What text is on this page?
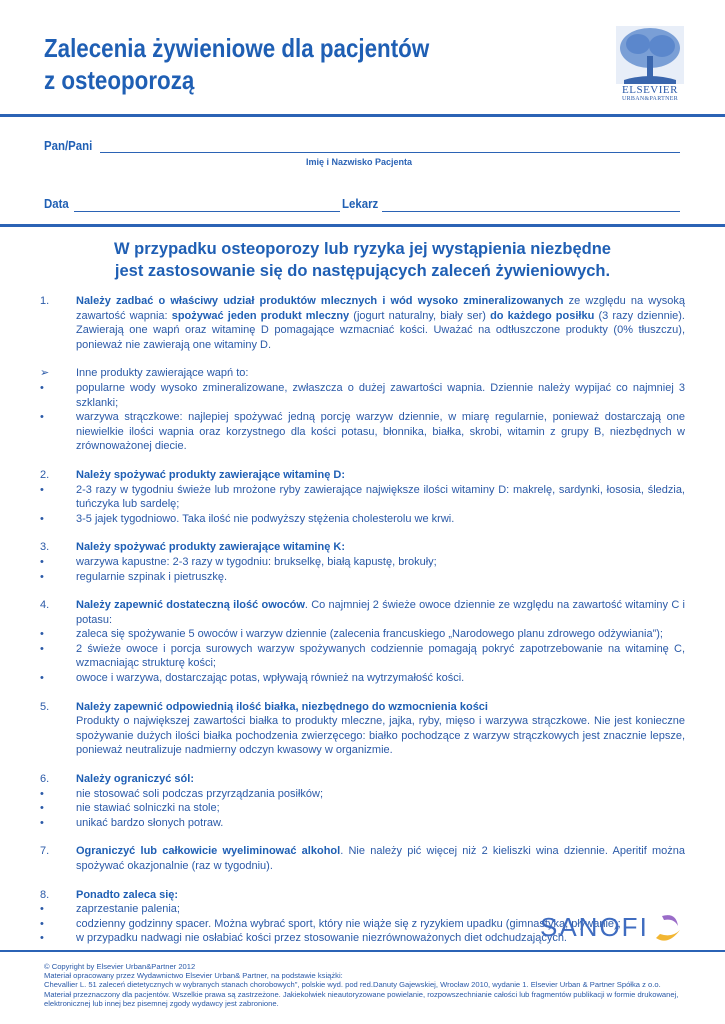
Zalecenia żywieniowe dla pacjentów
z osteoporozą	ELSEVIER
URBAN&PARTNER
Pan/Pani
Imię i Nazwisko Pacjenta
Data	Lekarz
W przypadku osteoporozy lub ryzyka jej wystąpienia niezbędne
jest zastosowanie się do następujących zaleceń żywieniowych.
1.	Należy zadbać o właściwy udział produktów mlecznych i wód wysoko zmineralizowanych ze względu na wysoką zawartość wapnia: spożywać jeden produkt mleczny (jogurt naturalny, biały ser) do każdego posiłku (3 razy dziennie). Zawierają one wapń oraz witaminę D pomagające wzmacniać kości. Uważać na odtłuszczone produkty (0% tłuszczu), ponieważ nie zawierają one witaminy D.
➢	Inne produkty zawierające wapń to:
•	popularne wody wysoko zmineralizowane, zwłaszcza o dużej zawartości wapnia. Dziennie należy wypijać co najmniej 3 szklanki;
•	warzywa strączkowe: najlepiej spożywać jedną porcję warzyw dziennie, w miarę regularnie, ponieważ dostarczają one niewielkie ilości wapnia oraz korzystnego dla kości potasu, błonnika, białka, skrobi, witamin z grupy B, niezbędnych w zrównoważonej diecie.
2.	Należy spożywać produkty zawierające witaminę D:
•	2-3 razy w tygodniu świeże lub mrożone ryby zawierające największe ilości witaminy D: makrelę, sardynki, łososia, śledzia, tuńczyka lub sardelę;
•	3-5 jajek tygodniowo. Taka ilość nie podwyższy stężenia cholesterolu we krwi.
3.	Należy spożywać produkty zawierające witaminę K:
•	warzywa kapustne: 2-3 razy w tygodniu: brukselkę, białą kapustę, brokuły;
•	regularnie szpinak i pietruszkę.
4.	Należy zapewnić dostateczną ilość owoców. Co najmniej 2 świeże owoce dziennie ze względu na zawartość witaminy C i potasu:
•	zaleca się spożywanie 5 owoców i warzyw dziennie (zalecenia francuskiego „Narodowego planu zdrowego odżywiania”);
•	2 świeże owoce i porcja surowych warzyw spożywanych codziennie pomagają pokryć zapotrzebowanie na witaminę C, wzmacniając strukturę kości;
•	owoce i warzywa, dostarczając potas, wpływają również na wytrzymałość kości.
5.	Należy zapewnić odpowiednią ilość białka, niezbędnego do wzmocnienia kości
Produkty o największej zawartości białka to produkty mleczne, jajka, ryby, mięso i warzywa strączkowe. Nie jest konieczne spożywanie dużych ilości białka pochodzenia zwierzęcego: białko pochodzące z warzyw strączkowych jest znacznie lepsze, ponieważ neutralizuje nadmierny odczyn kwasowy w organizmie.
6.	Należy ograniczyć sól:
•	nie stosować soli podczas przyrządzania posiłków;
•	nie stawiać solniczki na stole;
•	unikać bardzo słonych potraw.
7.	Ograniczyć lub całkowicie wyeliminować alkohol. Nie należy pić więcej niż 2 kieliszki wina dziennie. Aperitif można spożywać okazjonalnie (raz w tygodniu).
8.	Ponadto zaleca się:
•	zaprzestanie palenia;
•	codzienny godzinny spacer. Można wybrać sport, który nie wiąże się z ryzykiem upadku (gimnastyka, pływanie);
•	w przypadku nadwagi nie osłabiać kości przez stosowanie niezrównoważonych diet odchudzających.
SANOFI
© Copyright by Elsevier Urban&Partner 2012
Materiał opracowany przez Wydawnictwo Elsevier Urban& Partner, na podstawie książki:
Chevallier L. 51 zaleceń dietetycznych w wybranych stanach chorobowych", polskie wyd. pod red.Danuty Gajewskiej, Wrocław 2010, wydanie 1. Elsevier Urban & Partner Spółka z o.o.
Materiał przeznaczony dla pacjentów. Wszelkie prawa są zastrzeżone. Jakiekolwiek nieautoryzowane powielanie, rozpowszechnianie całości lub fragmentów publikacji w formie drukowanej,
elektronicznej lub innej bez pisemnej zgody wydawcy jest zabronione.
